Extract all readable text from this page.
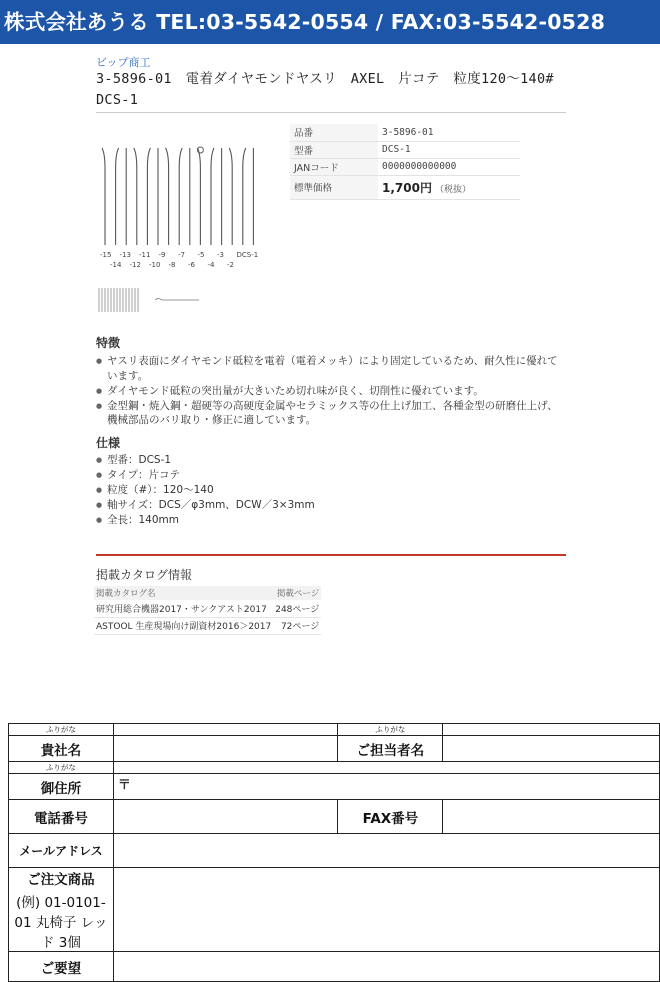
株式会社あうる TEL:03-5542-0554 / FAX:03-5542-0528
ビップ商工
3-5896-01　電着ダイヤモンドヤスリ　AXEL　片コテ　粒度120～140#　DCS-1
-15 -13 -11 -9 -7 -5 -3 DCS-1
-14 -12 -10 -8 -6 -4 -2
品番	3-5896-01
型番	DCS-1
JANコード	0000000000000
標準価格	1,700円 （税抜）
特徴
● ヤスリ表面にダイヤモンド砥粒を電着（電着メッキ）により固定しているため、耐久性に優れています。
● ダイヤモンド砥粒の突出量が大きいため切れ味が良く、切削性に優れています。
● 金型鋼・焼入鋼・超硬等の高硬度金属やセラミックス等の仕上げ加工、各種金型の研磨仕上げ、機械部品のバリ取り・修正に適しています。
仕様
● 型番：DCS-1
● タイプ：片コテ
● 粒度（#）：120～140
● 軸サイズ：DCS／φ3mm、DCW／3×3mm
● 全長：140mm
掲載カタログ情報
掲載カタログ名	掲載ページ
研究用総合機器2017・サンクアスト2017	248ページ
ASTOOL 生産現場向け副資材2016＞2017	72ページ
ふりがな		ふりがな	
貴社名		ご担当者名	
ふりがな			
御住所	〒		
電話番号		FAX番号	
メールアドレス			

ご注文商品
(例) 01-0101-01 丸椅子 レッド 3個			

ご要望			
